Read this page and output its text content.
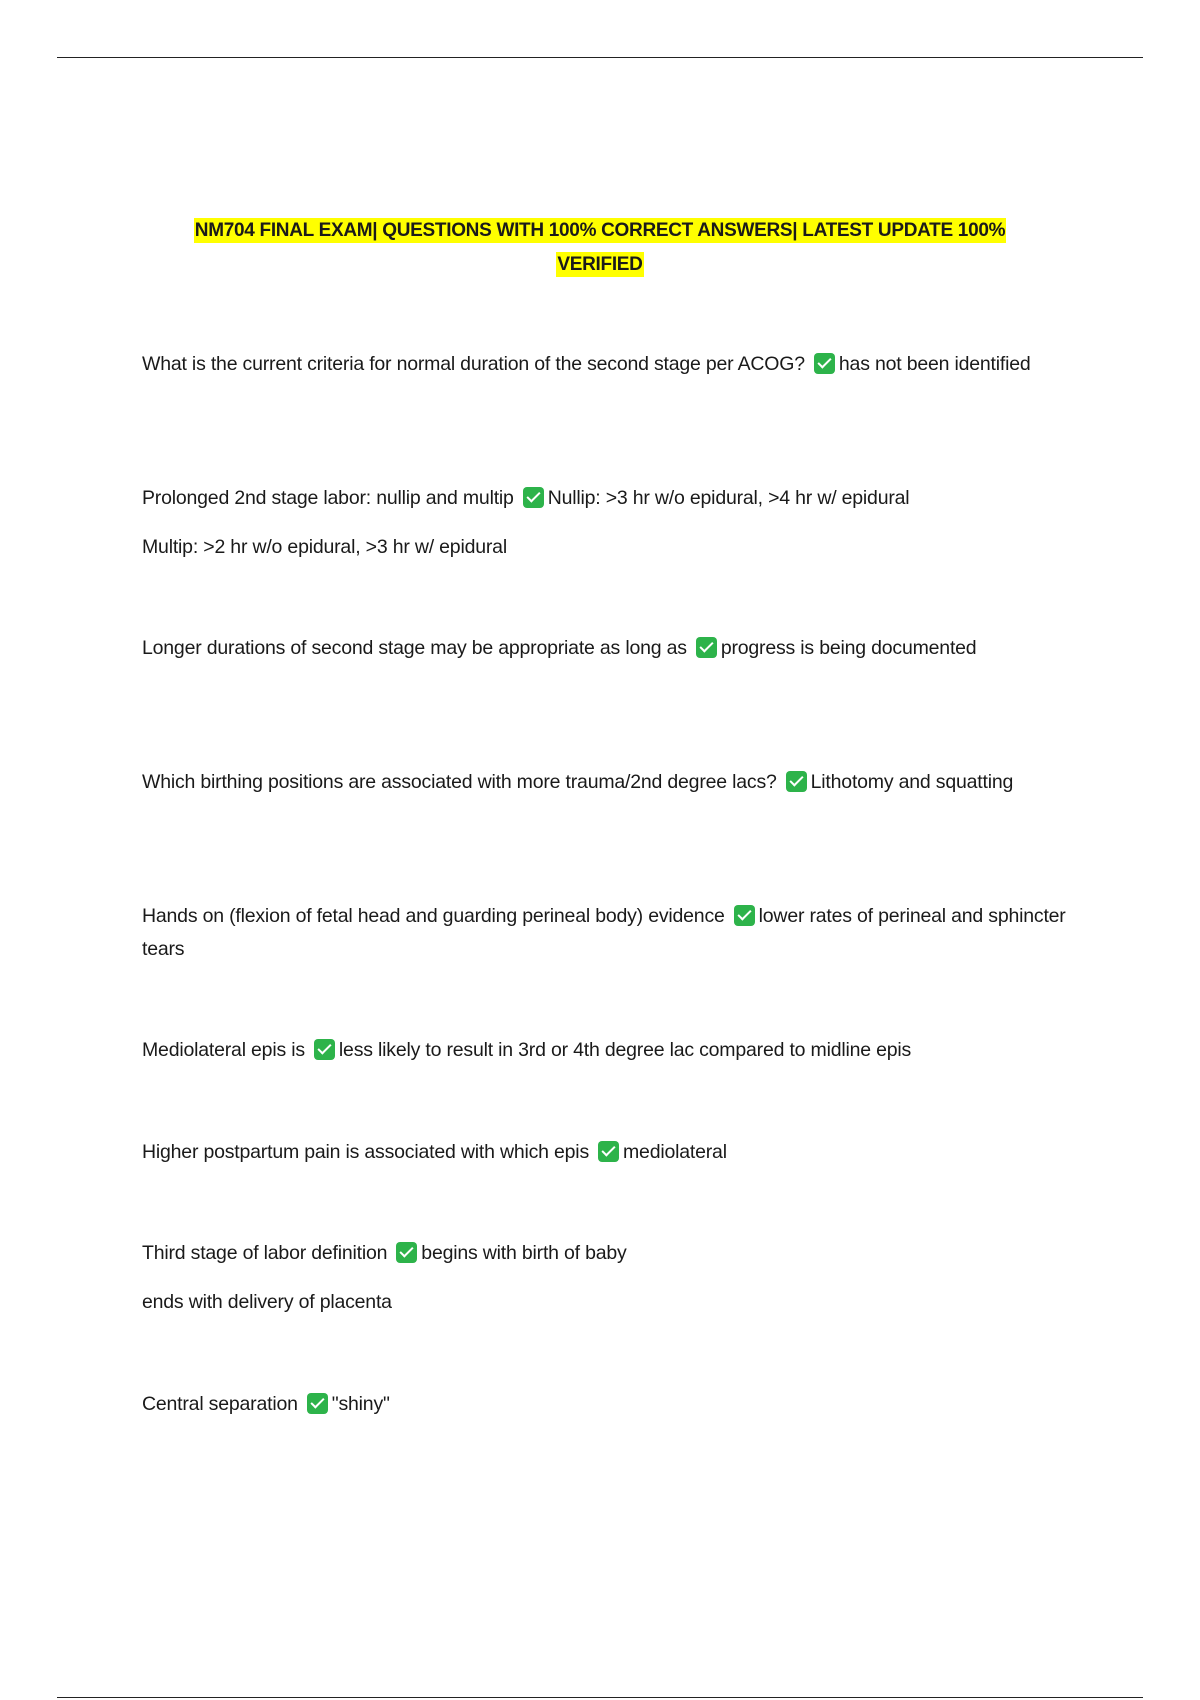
NM704 FINAL EXAM| QUESTIONS WITH 100% CORRECT ANSWERS| LATEST UPDATE 100%
VERIFIED

What is the current criteria for normal duration of the second stage per ACOG? has not been identified

Prolonged 2nd stage labor: nullip and multip Nullip: >3 hr w/o epidural, >4 hr w/ epidural

Multip: >2 hr w/o epidural, >3 hr w/ epidural

Longer durations of second stage may be appropriate as long as progress is being documented

Which birthing positions are associated with more trauma/2nd degree lacs? Lithotomy and squatting

Hands on (flexion of fetal head and guarding perineal body) evidence lower rates of perineal and sphincter tears

Mediolateral epis is less likely to result in 3rd or 4th degree lac compared to midline epis

Higher postpartum pain is associated with which epis mediolateral

Third stage of labor definition begins with birth of baby

ends with delivery of placenta

Central separation "shiny"
